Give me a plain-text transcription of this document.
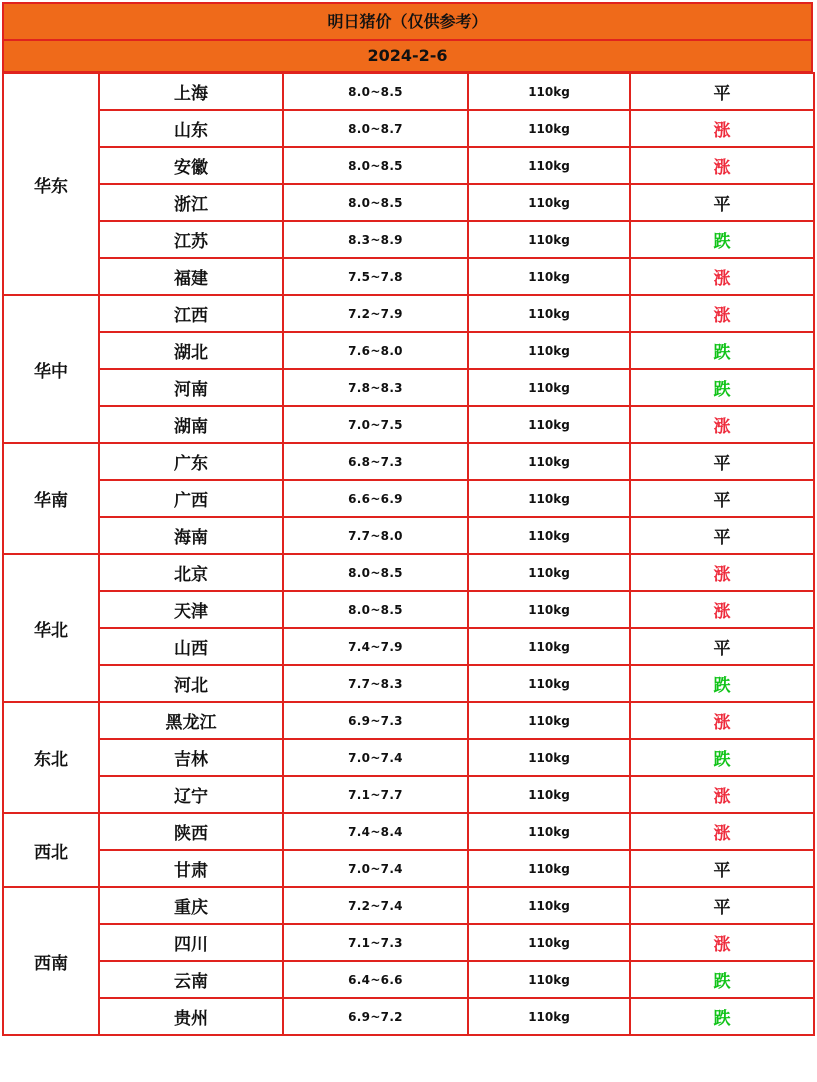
明日猪价（仅供参考）
2024-2-6
华东	上海	8.0~8.5	110kg	平
	山东	8.0~8.7	110kg	涨
	安徽	8.0~8.5	110kg	涨
	浙江	8.0~8.5	110kg	平
	江苏	8.3~8.9	110kg	跌
	福建	7.5~7.8	110kg	涨
华中	江西	7.2~7.9	110kg	涨
	湖北	7.6~8.0	110kg	跌
	河南	7.8~8.3	110kg	跌
	湖南	7.0~7.5	110kg	涨
华南	广东	6.8~7.3	110kg	平
	广西	6.6~6.9	110kg	平
	海南	7.7~8.0	110kg	平
华北	北京	8.0~8.5	110kg	涨
	天津	8.0~8.5	110kg	涨
	山西	7.4~7.9	110kg	平
	河北	7.7~8.3	110kg	跌
东北	黑龙江	6.9~7.3	110kg	涨
	吉林	7.0~7.4	110kg	跌
	辽宁	7.1~7.7	110kg	涨
西北	陕西	7.4~8.4	110kg	涨
	甘肃	7.0~7.4	110kg	平
西南	重庆	7.2~7.4	110kg	平
	四川	7.1~7.3	110kg	涨
	云南	6.4~6.6	110kg	跌
	贵州	6.9~7.2	110kg	跌
